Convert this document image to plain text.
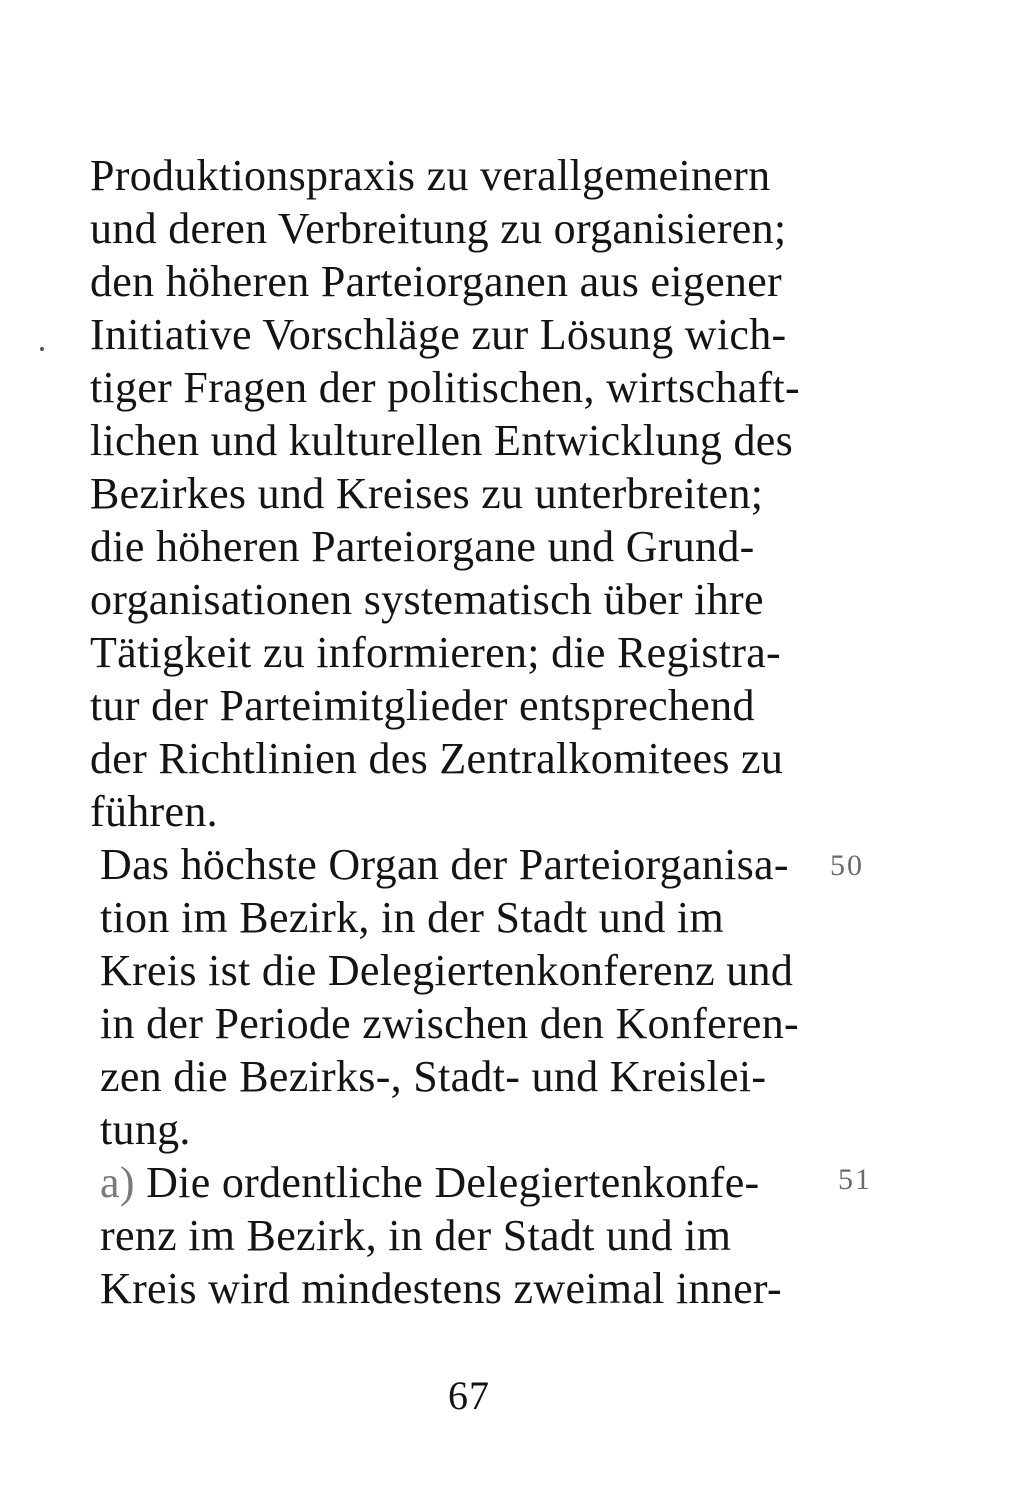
Produktionspraxis zu verallgemeinern
und deren Verbreitung zu organisieren;
den höheren Parteiorganen aus eigener
Initiative Vorschläge zur Lösung wich-
tiger Fragen der politischen, wirtschaft-
lichen und kulturellen Entwicklung des
Bezirkes und Kreises zu unterbreiten;
die höheren Parteiorgane und Grund-
organisationen systematisch über ihre
Tätigkeit zu informieren; die Registra-
tur der Parteimitglieder entsprechend
der Richtlinien des Zentralkomitees zu
führen.
Das höchste Organ der Parteiorganisa- 50
tion im Bezirk, in der Stadt und im
Kreis ist die Delegiertenkonferenz und
in der Periode zwischen den Konferen-
zen die Bezirks-, Stadt- und Kreislei-
tung.
a) Die ordentliche Delegiertenkonfe-	51
renz im Bezirk, in der Stadt und im
Kreis wird mindestens zweimal inner-
67
